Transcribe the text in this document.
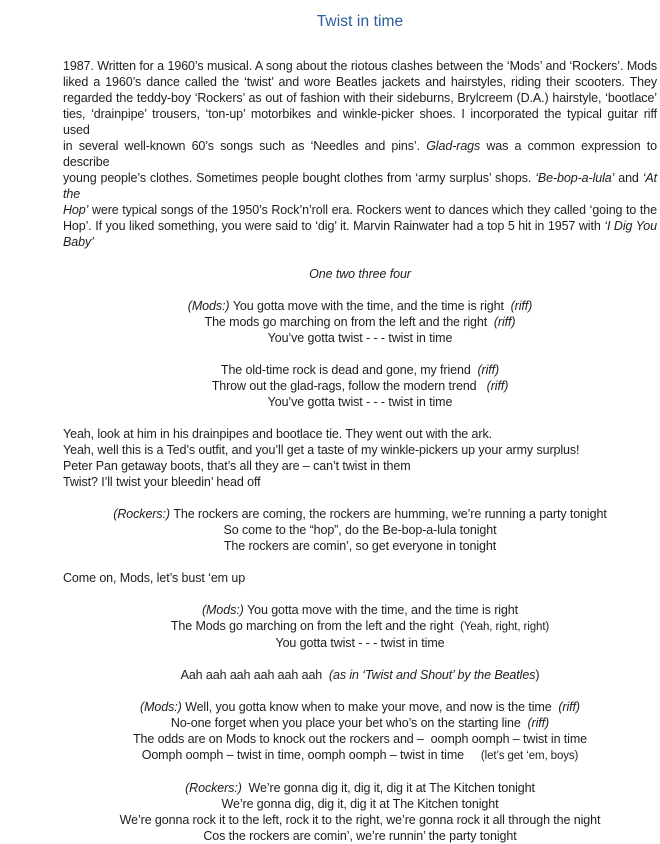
Twist in time
1987. Written for a 1960’s musical. A song about the riotous clashes between the ‘Mods’ and ‘Rockers’. Mods
liked a 1960’s dance called the ‘twist’ and wore Beatles jackets and hairstyles, riding their scooters. They
regarded the teddy-boy ‘Rockers’ as out of fashion with their sideburns, Brylcreem (D.A.) hairstyle, ‘bootlace’
ties, ‘drainpipe’ trousers, ‘ton-up’ motorbikes and winkle-picker shoes. I incorporated the typical guitar riff used
in several well-known 60’s songs such as ‘Needles and pins’. Glad-rags was a common expression to describe
young people’s clothes. Sometimes people bought clothes from ‘army surplus’ shops. ‘Be-bop-a-lula’ and ‘At the
Hop’ were typical songs of the 1950’s Rock’n’roll era. Rockers went to dances which they called ‘going to the
Hop’. If you liked something, you were said to ‘dig’ it. Marvin Rainwater had a top 5 hit in 1957 with ‘I Dig You
Baby’
One two three four
(Mods:) You gotta move with the time, and the time is right  (riff)
The mods go marching on from the left and the right  (riff)
You’ve gotta twist - - - twist in time
The old-time rock is dead and gone, my friend  (riff)
Throw out the glad-rags, follow the modern trend   (riff)
You’ve gotta twist - - - twist in time
Yeah, look at him in his drainpipes and bootlace tie. They went out with the ark.
Yeah, well this is a Ted’s outfit, and you’ll get a taste of my winkle-pickers up your army surplus!
Peter Pan getaway boots, that’s all they are – can’t twist in them
Twist? I’ll twist your bleedin’ head off
(Rockers:) The rockers are coming, the rockers are humming, we’re running a party tonight
So come to the “hop”, do the Be-bop-a-lula tonight
The rockers are comin’, so get everyone in tonight
Come on, Mods, let’s bust ‘em up
(Mods:) You gotta move with the time, and the time is right
The Mods go marching on from the left and the right  (Yeah, right, right)
You gotta twist - - - twist in time
Aah aah aah aah aah aah  (as in ‘Twist and Shout’ by the Beatles)
(Mods:) Well, you gotta know when to make your move, and now is the time  (riff)
No-one forget when you place your bet who’s on the starting line  (riff)
The odds are on Mods to knock out the rockers and –  oomph oomph – twist in time
Oomph oomph – twist in time, oomph oomph – twist in time     (let’s get ‘em, boys)
(Rockers:)  We’re gonna dig it, dig it, dig it at The Kitchen tonight
We’re gonna dig, dig it, dig it at The Kitchen tonight
We’re gonna rock it to the left, rock it to the right, we’re gonna rock it all through the night
Cos the rockers are comin’, we’re runnin’ the party tonight
